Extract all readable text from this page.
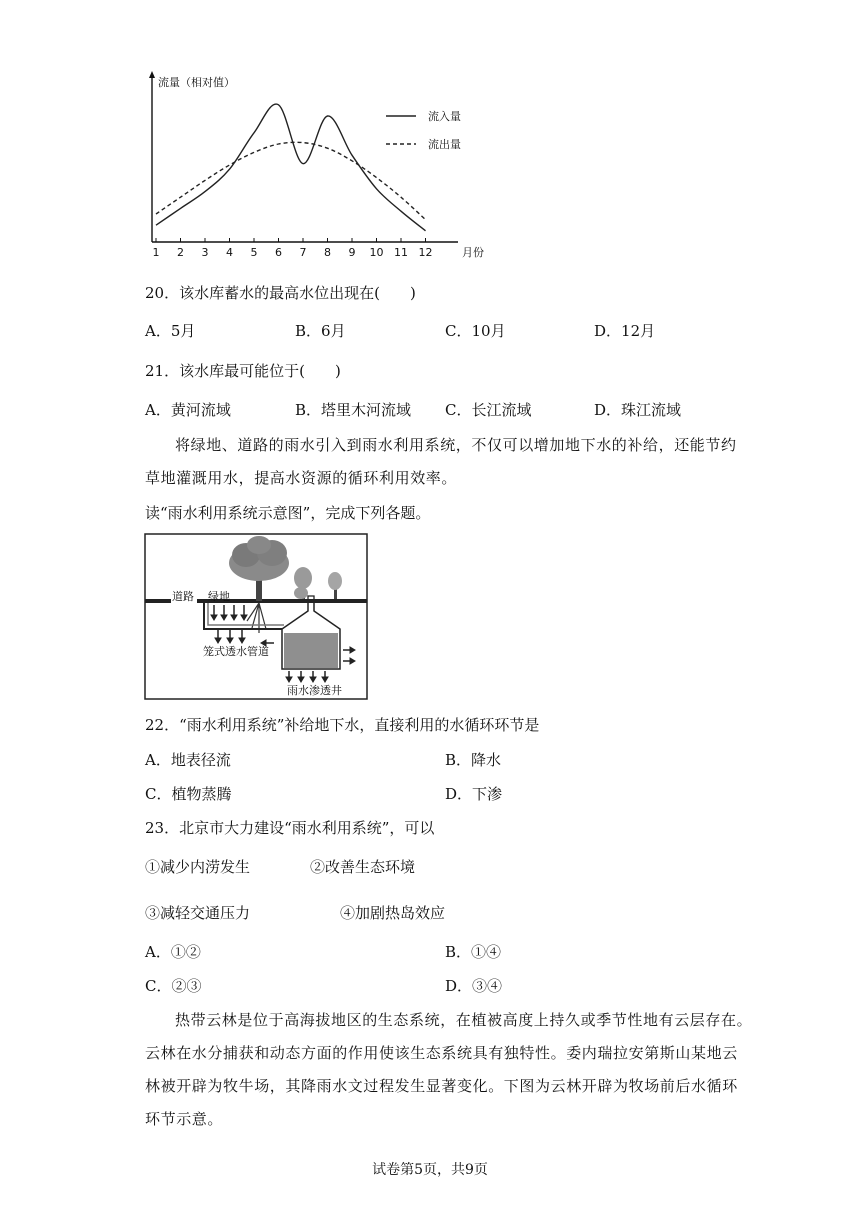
流量（相对值）
1 2 3 4 5 6 7 8 9 10 11 12	月份
流入量
流出量
20．该水库蓄水的最高水位出现在(　　)
A．5月	B．6月	C．10月	D．12月
21．该水库最可能位于(　　)
A．黄河流域	B．塔里木河流域 C．长江流域	D．珠江流域
将绿地、道路的雨水引入到雨水利用系统，不仅可以增加地下水的补给，还能节约
草地灌溉用水，提高水资源的循环利用效率。
读“雨水利用系统示意图”，完成下列各题。
道路 绿地
笼式透水管道
雨水渗透井
22．“雨水利用系统”补给地下水，直接利用的水循环环节是
A．地表径流	B．降水
C．植物蒸腾	D．下渗
23．北京市大力建设“雨水利用系统”，可以
①减少内涝发生	②改善生态环境
③减轻交通压力	④加剧热岛效应
A．①②	B．①④
C．②③	D．③④
热带云林是位于高海拔地区的生态系统，在植被高度上持久或季节性地有云层存在。
云林在水分捕获和动态方面的作用使该生态系统具有独特性。委内瑞拉安第斯山某地云
林被开辟为牧牛场，其降雨水文过程发生显著变化。下图为云林开辟为牧场前后水循环
环节示意。
试卷第5页，共9页
